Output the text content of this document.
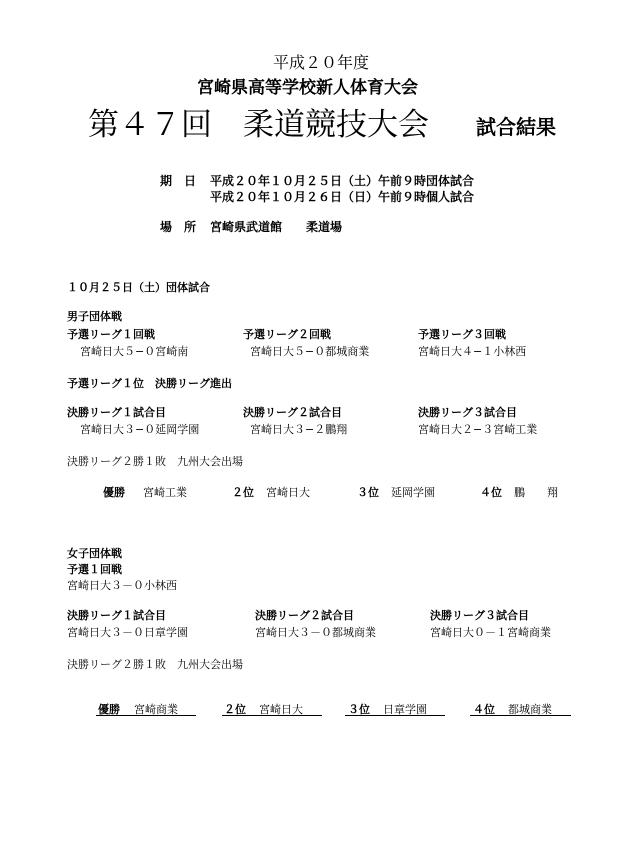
平成２０年度
宮崎県高等学校新人体育大会
第４７回　柔道競技大会 試合結果
期　日 平成２０年１０月２５日（土）午前９時団体試合
平成２０年１０月２６日（日）午前９時個人試合
場　所 宮崎県武道館　　柔道場
１０月２５日（土）団体試合
男子団体戦
予選リーグ１回戦	予選リーグ２回戦	予選リーグ３回戦
宮崎日大５−０宮崎南	宮崎日大５−０都城商業	宮崎日大４−１小林西
予選リーグ１位　決勝リーグ進出
決勝リーグ１試合目	決勝リーグ２試合目	決勝リーグ３試合目
宮崎日大３−０延岡学園	宮崎日大３−２鵬翔	宮崎日大２−３宮崎工業
決勝リーグ２勝１敗　九州大会出場
優勝 宮崎工業	２位 宮崎日大	３位 延岡学園	４位 鵬　　翔
女子団体戦
予選１回戦
宮崎日大３－０小林西
決勝リーグ１試合目	決勝リーグ２試合目	決勝リーグ３試合目
宮崎日大３－０日章学園	宮崎日大３－０都城商業	宮崎日大０－１宮崎商業
決勝リーグ２勝１敗　九州大会出場
優勝 宮崎商業	２位 宮崎日大	３位 日章学園	４位 都城商業
